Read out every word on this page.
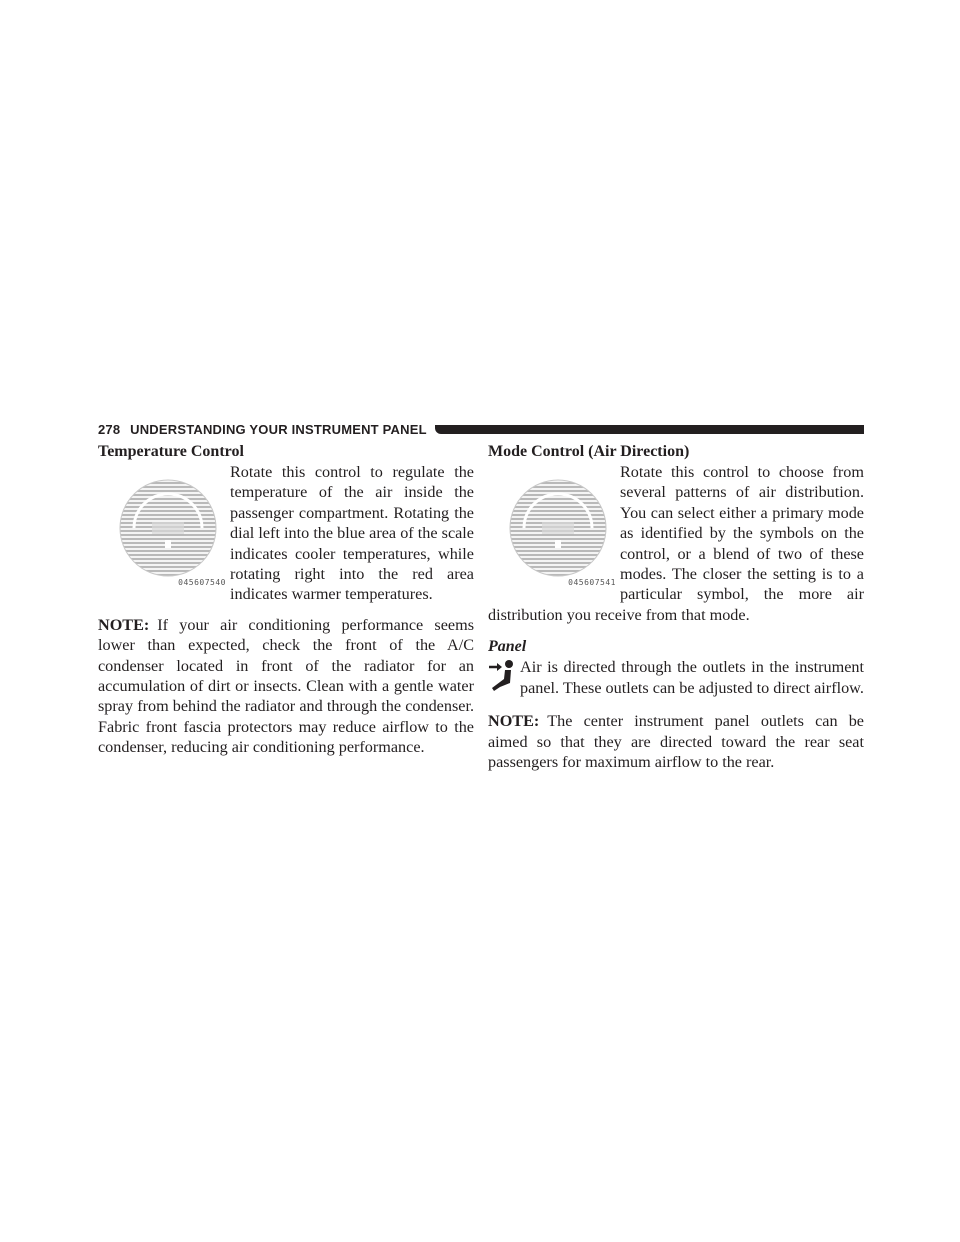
278 UNDERSTANDING YOUR INSTRUMENT PANEL
Temperature Control
045607540

Rotate this control to regulate the temperature of the air inside the passenger compartment. Rotating the dial left into the blue area of the scale indicates cooler temperatures, while rotating right into the red area indicates warmer temperatures.

NOTE: If your air conditioning performance seems lower than expected, check the front of the A/C condenser located in front of the radiator for an accumulation of dirt or insects. Clean with a gentle water spray from behind the radiator and through the condenser. Fabric front fascia protectors may reduce airflow to the condenser, reducing air conditioning performance.

Mode Control (Air Direction)
045607541

Rotate this control to choose from several patterns of air distribution. You can select either a primary mode as identified by the symbols on the control, or a blend of two of these modes. The closer the setting is to a particular symbol, the more air distribution you receive from that mode.

Panel

Air is directed through the outlets in the instrument panel. These outlets can be adjusted to direct airflow.

NOTE: The center instrument panel outlets can be aimed so that they are directed toward the rear seat passengers for maximum airflow to the rear.
